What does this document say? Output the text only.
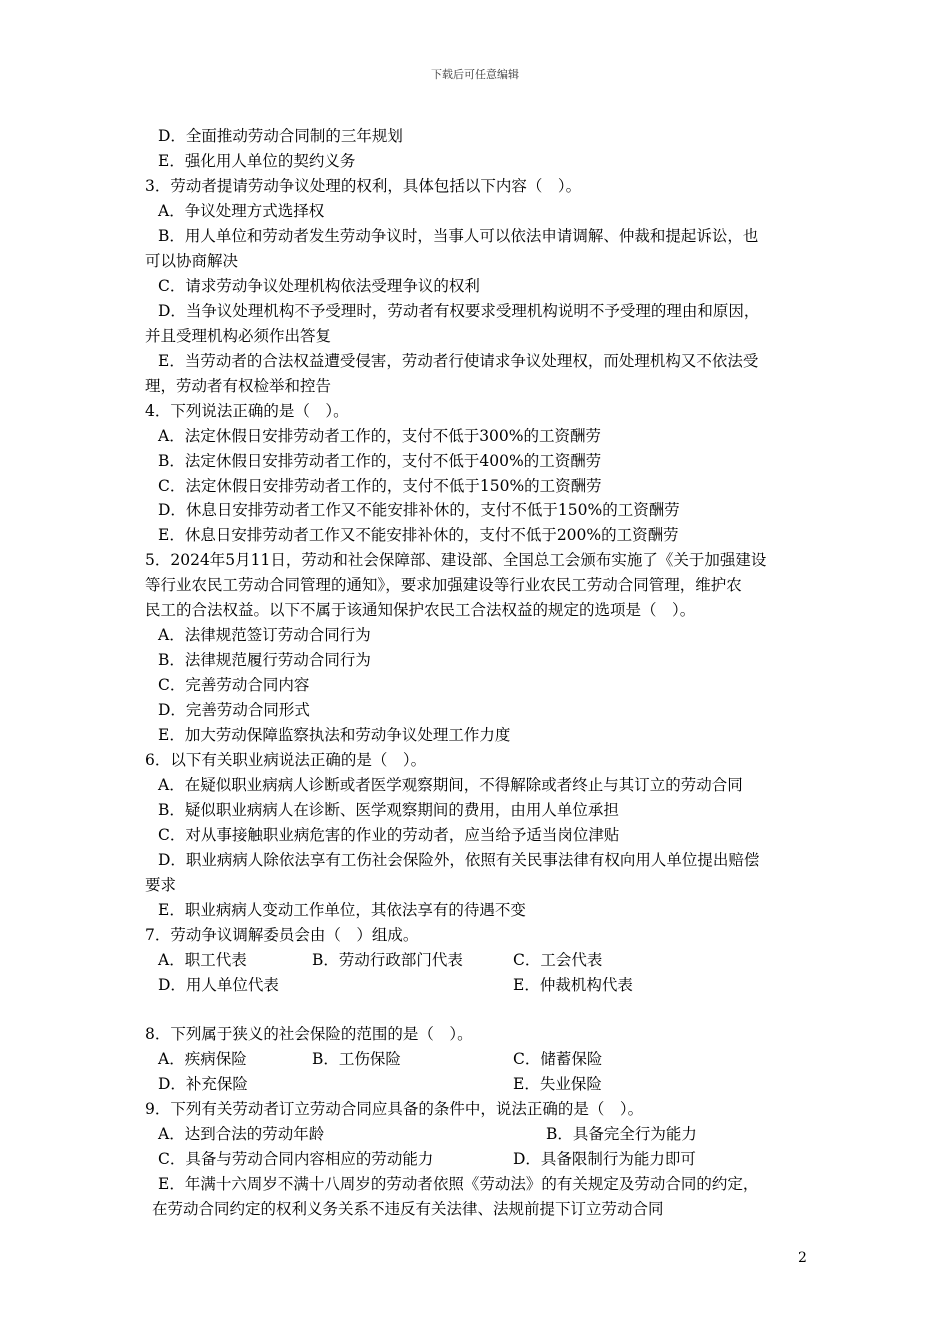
下载后可任意编辑
D．全面推动劳动合同制的三年规划
E．强化用人单位的契约义务
3．劳动者提请劳动争议处理的权利，具体包括以下内容（　）。
A．争议处理方式选择权
B．用人单位和劳动者发生劳动争议时，当事人可以依法申请调解、仲裁和提起诉讼，也
可以协商解决
C．请求劳动争议处理机构依法受理争议的权利
D．当争议处理机构不予受理时，劳动者有权要求受理机构说明不予受理的理由和原因，
并且受理机构必须作出答复
E．当劳动者的合法权益遭受侵害，劳动者行使请求争议处理权，而处理机构又不依法受
理，劳动者有权检举和控告
4．下列说法正确的是（　）。
A．法定休假日安排劳动者工作的，支付不低于300%的工资酬劳
B．法定休假日安排劳动者工作的，支付不低于400%的工资酬劳
C．法定休假日安排劳动者工作的，支付不低于150%的工资酬劳
D．休息日安排劳动者工作又不能安排补休的，支付不低于150%的工资酬劳
E．休息日安排劳动者工作又不能安排补休的，支付不低于200%的工资酬劳
5．2024年5月11日，劳动和社会保障部、建设部、全国总工会颁布实施了《关于加强建设
等行业农民工劳动合同管理的通知》，要求加强建设等行业农民工劳动合同管理，维护农
民工的合法权益。以下不属于该通知保护农民工合法权益的规定的选项是（　）。
A．法律规范签订劳动合同行为
B．法律规范履行劳动合同行为
C．完善劳动合同内容
D．完善劳动合同形式
E．加大劳动保障监察执法和劳动争议处理工作力度
6．以下有关职业病说法正确的是（　）。
A．在疑似职业病病人诊断或者医学观察期间，不得解除或者终止与其订立的劳动合同
B．疑似职业病病人在诊断、医学观察期间的费用，由用人单位承担
C．对从事接触职业病危害的作业的劳动者，应当给予适当岗位津贴
D．职业病病人除依法享有工伤社会保险外，依照有关民事法律有权向用人单位提出赔偿
要求
E．职业病病人变动工作单位，其依法享有的待遇不变
7．劳动争议调解委员会由（　）组成。
A．职工代表	B．劳动行政部门代表	C．工会代表
D．用人单位代表	E．仲裁机构代表
8．下列属于狭义的社会保险的范围的是（　）。
A．疾病保险	B．工伤保险	C．储蓄保险
D．补充保险	E．失业保险
9．下列有关劳动者订立劳动合同应具备的条件中，说法正确的是（　）。
A．达到合法的劳动年龄	B．具备完全行为能力
C．具备与劳动合同内容相应的劳动能力	D．具备限制行为能力即可
E．年满十六周岁不满十八周岁的劳动者依照《劳动法》的有关规定及劳动合同的约定，
在劳动合同约定的权利义务关系不违反有关法律、法规前提下订立劳动合同
2
